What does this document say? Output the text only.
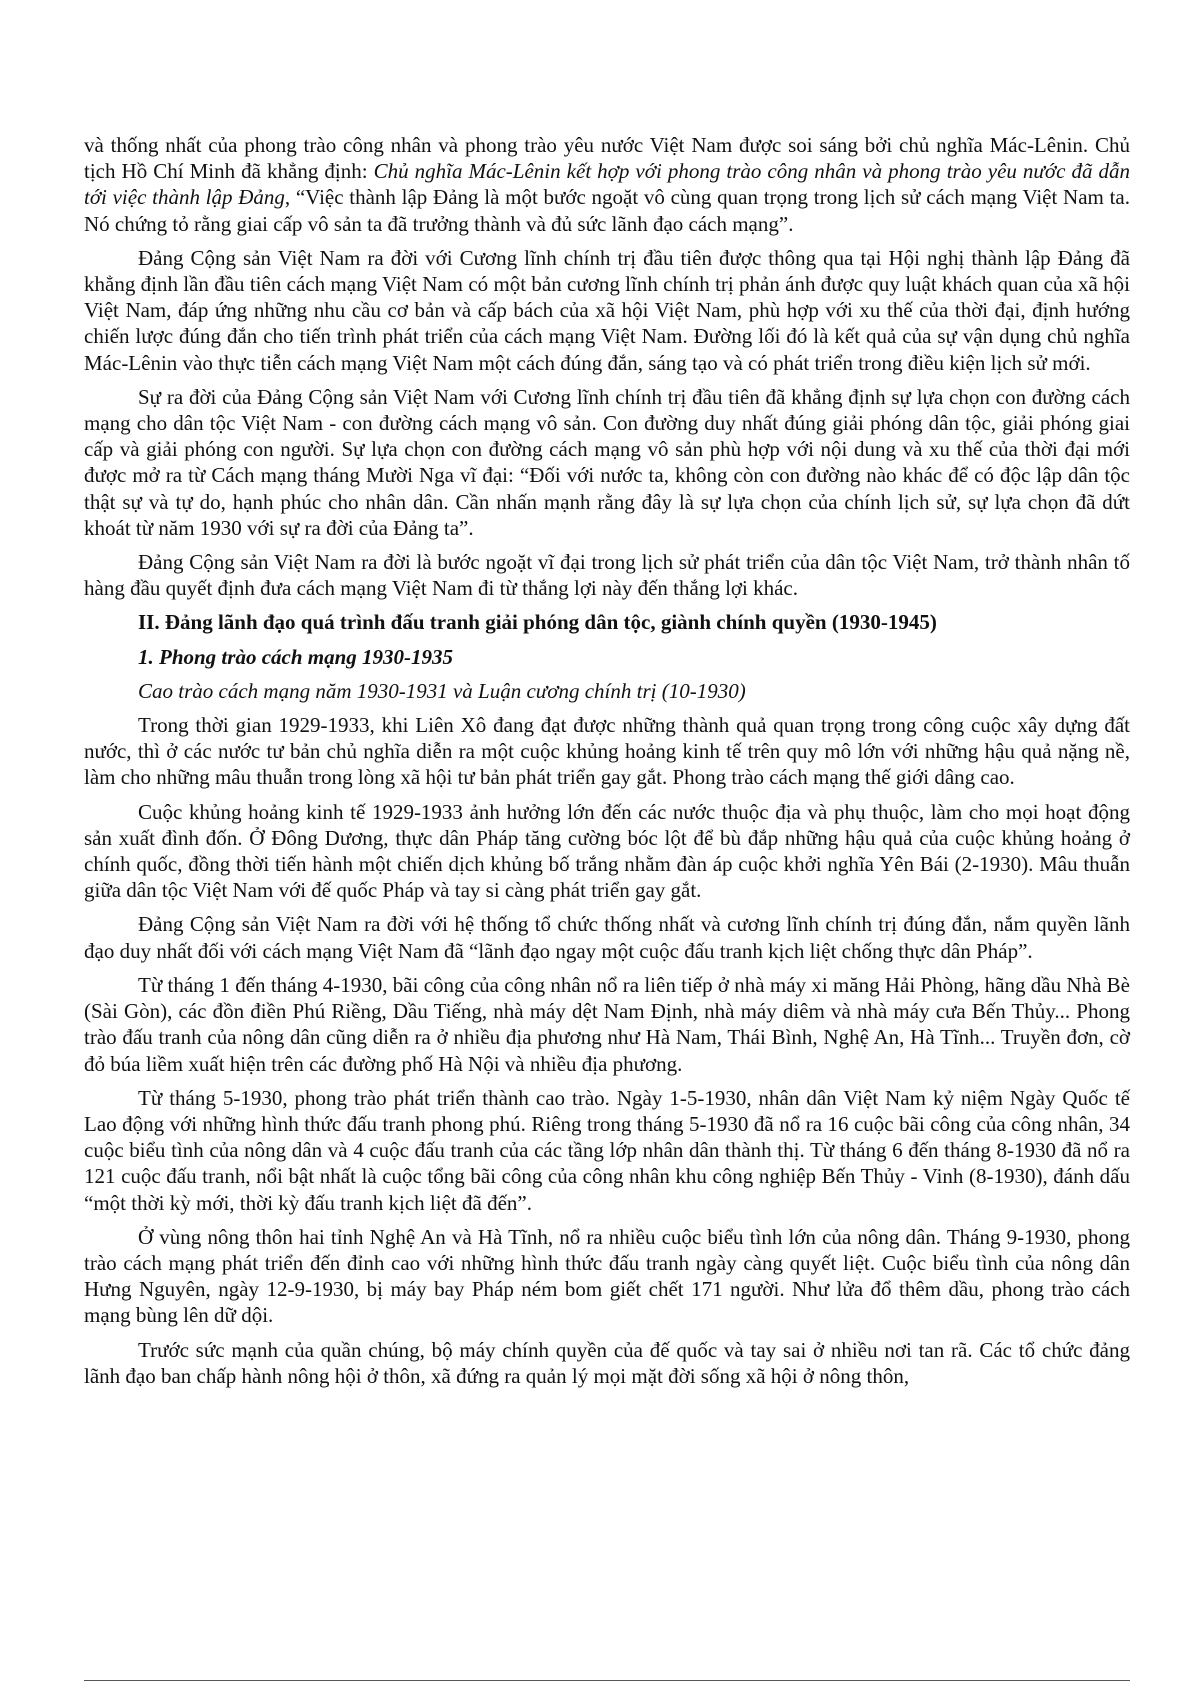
và thống nhất của phong trào công nhân và phong trào yêu nước Việt Nam được soi sáng bởi chủ nghĩa Mác-Lênin. Chủ tịch Hồ Chí Minh đã khẳng định: Chủ nghĩa Mác-Lênin kết hợp với phong trào công nhân và phong trào yêu nước đã dẫn tới việc thành lập Đảng, “Việc thành lập Đảng là một bước ngoặt vô cùng quan trọng trong lịch sử cách mạng Việt Nam ta. Nó chứng tỏ rằng giai cấp vô sản ta đã trưởng thành và đủ sức lãnh đạo cách mạng”.

Đảng Cộng sản Việt Nam ra đời với Cương lĩnh chính trị đầu tiên được thông qua tại Hội nghị thành lập Đảng đã khẳng định lần đầu tiên cách mạng Việt Nam có một bản cương lĩnh chính trị phản ánh được quy luật khách quan của xã hội Việt Nam, đáp ứng những nhu cầu cơ bản và cấp bách của xã hội Việt Nam, phù hợp với xu thế của thời đại, định hướng chiến lược đúng đắn cho tiến trình phát triển của cách mạng Việt Nam. Đường lối đó là kết quả của sự vận dụng chủ nghĩa Mác-Lênin vào thực tiễn cách mạng Việt Nam một cách đúng đắn, sáng tạo và có phát triển trong điều kiện lịch sử mới.

Sự ra đời của Đảng Cộng sản Việt Nam với Cương lĩnh chính trị đầu tiên đã khẳng định sự lựa chọn con đường cách mạng cho dân tộc Việt Nam - con đường cách mạng vô sản. Con đường duy nhất đúng giải phóng dân tộc, giải phóng giai cấp và giải phóng con người. Sự lựa chọn con đường cách mạng vô sản phù hợp với nội dung và xu thế của thời đại mới được mở ra từ Cách mạng tháng Mười Nga vĩ đại: “Đối với nước ta, không còn con đường nào khác để có độc lập dân tộc thật sự và tự do, hạnh phúc cho nhân dân. Cần nhấn mạnh rằng đây là sự lựa chọn của chính lịch sử, sự lựa chọn đã dứt khoát từ năm 1930 với sự ra đời của Đảng ta”.

Đảng Cộng sản Việt Nam ra đời là bước ngoặt vĩ đại trong lịch sử phát triển của dân tộc Việt Nam, trở thành nhân tố hàng đầu quyết định đưa cách mạng Việt Nam đi từ thắng lợi này đến thắng lợi khác.

II. Đảng lãnh đạo quá trình đấu tranh giải phóng dân tộc, giành chính quyền (1930-1945)

1. Phong trào cách mạng 1930-1935

Cao trào cách mạng năm 1930-1931 và Luận cương chính trị (10-1930)

Trong thời gian 1929-1933, khi Liên Xô đang đạt được những thành quả quan trọng trong công cuộc xây dựng đất nước, thì ở các nước tư bản chủ nghĩa diễn ra một cuộc khủng hoảng kinh tế trên quy mô lớn với những hậu quả nặng nề, làm cho những mâu thuẫn trong lòng xã hội tư bản phát triển gay gắt. Phong trào cách mạng thế giới dâng cao.

Cuộc khủng hoảng kinh tế 1929-1933 ảnh hưởng lớn đến các nước thuộc địa và phụ thuộc, làm cho mọi hoạt động sản xuất đình đốn. Ở Đông Dương, thực dân Pháp tăng cường bóc lột để bù đắp những hậu quả của cuộc khủng hoảng ở chính quốc, đồng thời tiến hành một chiến dịch khủng bố trắng nhằm đàn áp cuộc khởi nghĩa Yên Bái (2-1930). Mâu thuẫn giữa dân tộc Việt Nam với đế quốc Pháp và tay si càng phát triển gay gắt.

Đảng Cộng sản Việt Nam ra đời với hệ thống tổ chức thống nhất và cương lĩnh chính trị đúng đắn, nắm quyền lãnh đạo duy nhất đối với cách mạng Việt Nam đã “lãnh đạo ngay một cuộc đấu tranh kịch liệt chống thực dân Pháp”.

Từ tháng 1 đến tháng 4-1930, bãi công của công nhân nổ ra liên tiếp ở nhà máy xi măng Hải Phòng, hãng dầu Nhà Bè (Sài Gòn), các đồn điền Phú Riềng, Dầu Tiếng, nhà máy dệt Nam Định, nhà máy diêm và nhà máy cưa Bến Thủy... Phong trào đấu tranh của nông dân cũng diễn ra ở nhiều địa phương như Hà Nam, Thái Bình, Nghệ An, Hà Tĩnh... Truyền đơn, cờ đỏ búa liềm xuất hiện trên các đường phố Hà Nội và nhiều địa phương.

Từ tháng 5-1930, phong trào phát triển thành cao trào. Ngày 1-5-1930, nhân dân Việt Nam kỷ niệm Ngày Quốc tế Lao động với những hình thức đấu tranh phong phú. Riêng trong tháng 5-1930 đã nổ ra 16 cuộc bãi công của công nhân, 34 cuộc biểu tình của nông dân và 4 cuộc đấu tranh của các tầng lớp nhân dân thành thị. Từ tháng 6 đến tháng 8-1930 đã nổ ra 121 cuộc đấu tranh, nổi bật nhất là cuộc tổng bãi công của công nhân khu công nghiệp Bến Thủy - Vinh (8-1930), đánh dấu “một thời kỳ mới, thời kỳ đấu tranh kịch liệt đã đến”.

Ở vùng nông thôn hai tỉnh Nghệ An và Hà Tĩnh, nổ ra nhiều cuộc biểu tình lớn của nông dân. Tháng 9-1930, phong trào cách mạng phát triển đến đỉnh cao với những hình thức đấu tranh ngày càng quyết liệt. Cuộc biểu tình của nông dân Hưng Nguyên, ngày 12-9-1930, bị máy bay Pháp ném bom giết chết 171 người. Như lửa đổ thêm dầu, phong trào cách mạng bùng lên dữ dội.

Trước sức mạnh của quần chúng, bộ máy chính quyền của đế quốc và tay sai ở nhiều nơi tan rã. Các tổ chức đảng lãnh đạo ban chấp hành nông hội ở thôn, xã đứng ra quản lý mọi mặt đời sống xã hội ở nông thôn,
